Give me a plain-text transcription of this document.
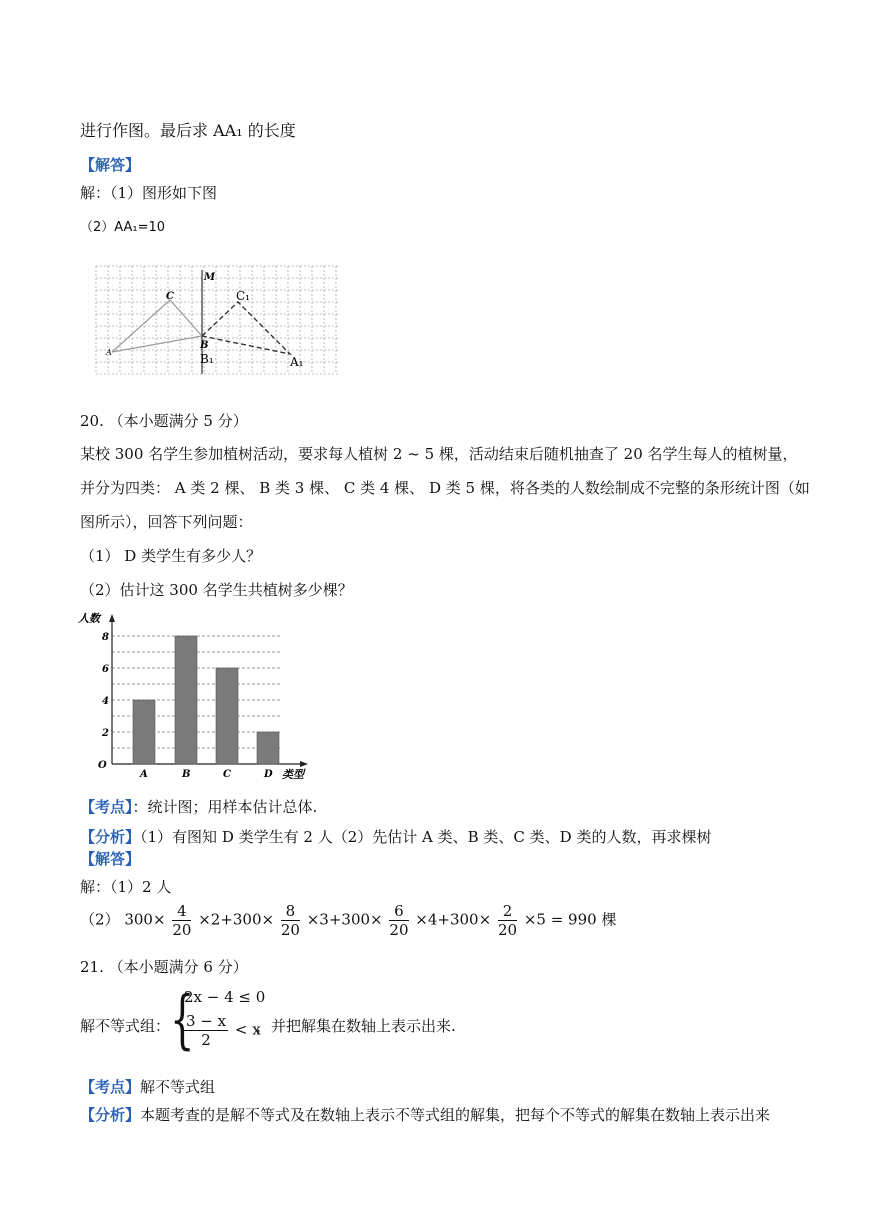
进行作图。最后求 AA₁ 的长度
【解答】
解：（1）图形如下图
（2）AA₁=10
M
C	C₁
B
B₁
A
A₁
20. （本小题满分 5 分）
某校 300 名学生参加植树活动，要求每人植树 2 ~ 5 棵，活动结束后随机抽查了 20 名学生每人的植树量，
并分为四类： A 类 2 棵、 B 类 3 棵、 C 类 4 棵、 D 类 5 棵，将各类的人数绘制成不完整的条形统计图（如
图所示），回答下列问题：
（1） D 类学生有多少人？
（2）估计这 300 名学生共植树多少棵？
2
4
6
8
O
人数
类型
A	B	C	D
【考点】：统计图；用样本估计总体.
【分析】（1）有图知 D 类学生有 2 人（2）先估计 A 类、B 类、C 类、D 类的人数，再求棵树
【解答】
解：（1）2 人
（2） $300\times \frac{4}{20} \times 2+300\times \frac{8}{20} \times 3+300\times \frac{6}{20} \times 4+300\times \frac{2}{20} \times 5 = 990$ 棵
21. （本小题满分 6 分）
解不等式组： {
2x − 4 ≤ 0
$\frac{3 - x}{2} < x$
，并把解集在数轴上表示出来.
【考点】解不等式组
【分析】本题考查的是解不等式及在数轴上表示不等式组的解集，把每个不等式的解集在数轴上表示出来
